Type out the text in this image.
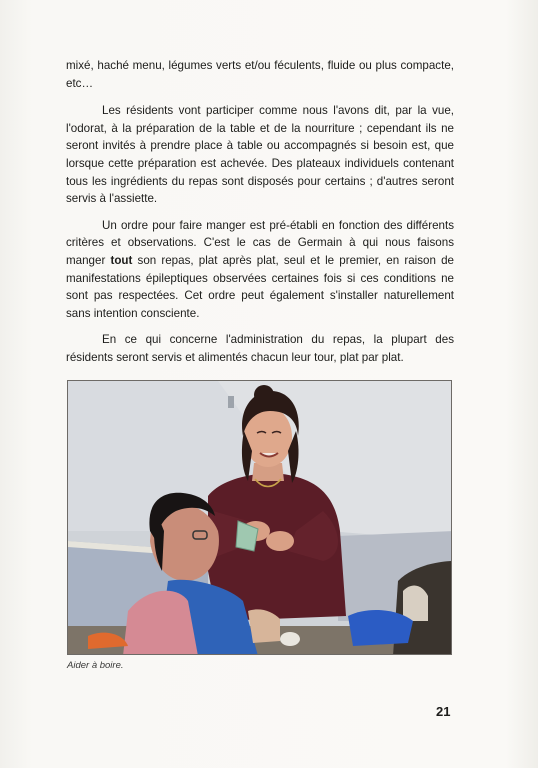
mixé, haché menu, légumes verts et/ou féculents, fluide ou plus compacte, etc…

Les résidents vont participer comme nous l'avons dit, par la vue, l'odorat, à la préparation de la table et de la nourriture ; cependant ils ne seront invités à prendre place à table ou accompagnés si besoin est, que lorsque cette préparation est achevée. Des plateaux individuels contenant tous les ingrédients du repas sont disposés pour certains ; d'autres seront servis à l'assiette.

Un ordre pour faire manger est pré-établi en fonction des différents critères et observations. C'est le cas de Germain à qui nous faisons manger tout son repas, plat après plat, seul et le premier, en raison de manifestations épileptiques observées certaines fois si ces conditions ne sont pas respectées. Cet ordre peut également s'installer naturellement sans intention consciente.

En ce qui concerne l'administration du repas, la plupart des résidents seront servis et alimentés chacun leur tour, plat par plat.

Aider à boire.
21
